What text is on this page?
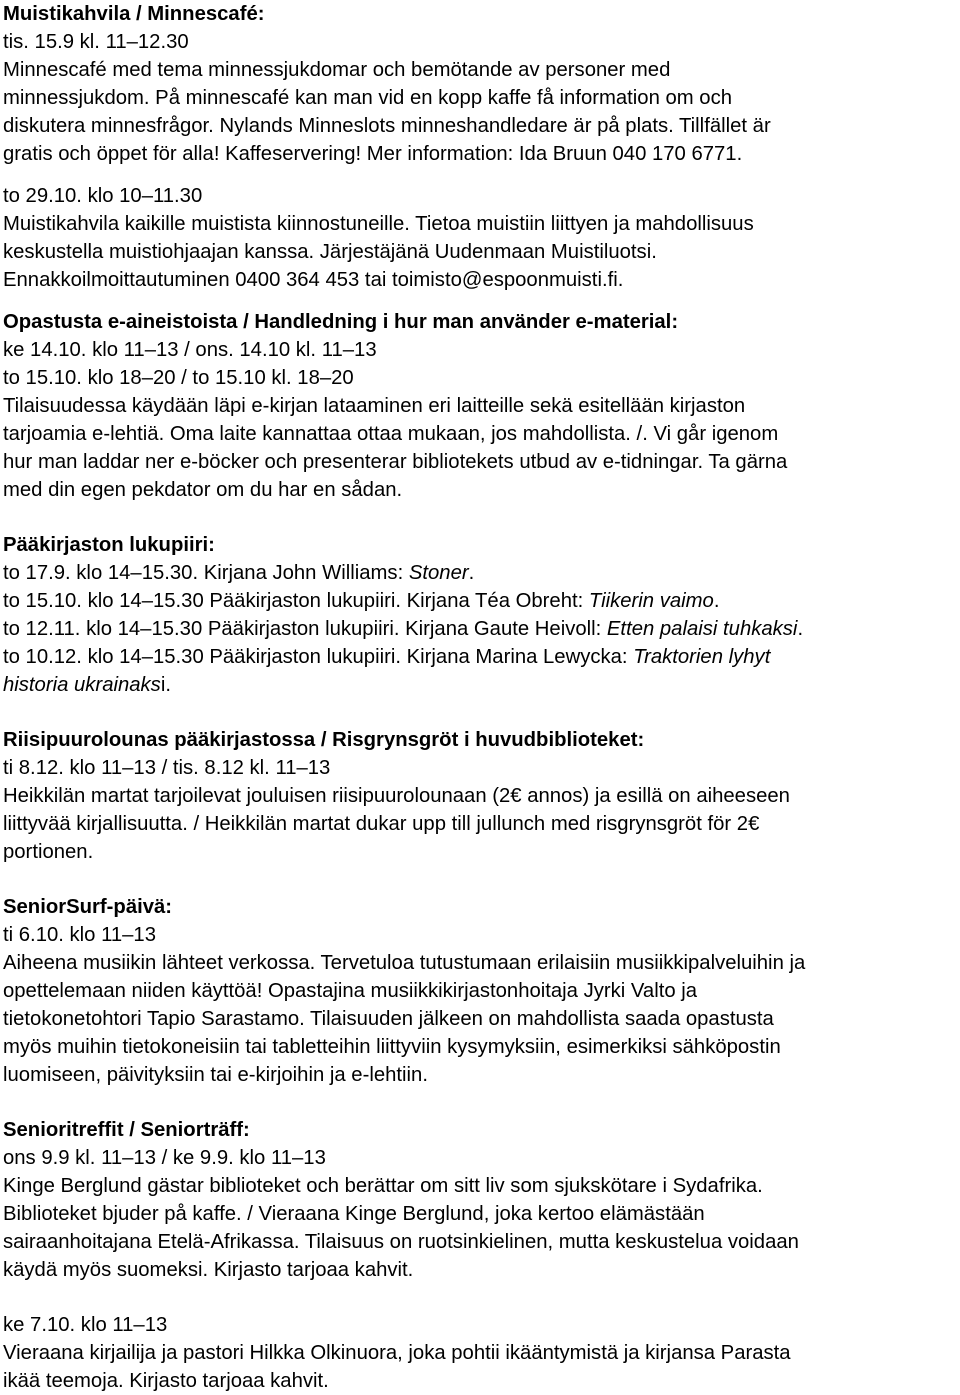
Muistikahvila / Minnescafé:

tis. 15.9 kl. 11–12.30

Minnescafé med tema minnessjukdomar och bemötande av personer med

minnessjukdom. På minnescafé kan man vid en kopp kaffe få information om och

diskutera minnesfrågor. Nylands Minneslots minneshandledare är på plats. Tillfället är

gratis och öppet för alla! Kaffeservering! Mer information: Ida Bruun 040 170 6771.

to 29.10. klo 10–11.30

Muistikahvila kaikille muistista kiinnostuneille. Tietoa muistiin liittyen ja mahdollisuus

keskustella muistiohjaajan kanssa. Järjestäjänä Uudenmaan Muistiluotsi.

Ennakkoilmoittautuminen 0400 364 453 tai toimisto@espoonmuisti.fi.

Opastusta e-aineistoista / Handledning i hur man använder e-material:

ke 14.10. klo 11–13 / ons. 14.10 kl. 11–13

to 15.10. klo 18–20 / to 15.10 kl. 18–20

Tilaisuudessa käydään läpi e-kirjan lataaminen eri laitteille sekä esitellään kirjaston

tarjoamia e-lehtiä. Oma laite kannattaa ottaa mukaan, jos mahdollista. /. Vi går igenom

hur man laddar ner e-böcker och presenterar bibliotekets utbud av e-tidningar. Ta gärna

med din egen pekdator om du har en sådan.

Pääkirjaston lukupiiri:

to 17.9. klo 14–15.30. Kirjana John Williams: Stoner.

to 15.10. klo 14–15.30 Pääkirjaston lukupiiri. Kirjana Téa Obreht: Tiikerin vaimo.

to 12.11. klo 14–15.30 Pääkirjaston lukupiiri. Kirjana Gaute Heivoll: Etten palaisi tuhkaksi.

to 10.12. klo 14–15.30 Pääkirjaston lukupiiri. Kirjana Marina Lewycka: Traktorien lyhyt

historia ukrainaksi.

Riisipuurolounas pääkirjastossa / Risgrynsgröt i huvudbiblioteket:

ti 8.12. klo 11–13 / tis. 8.12 kl. 11–13

Heikkilän martat tarjoilevat jouluisen riisipuurolounaan (2€ annos) ja esillä on aiheeseen

liittyvää kirjallisuutta. / Heikkilän martat dukar upp till jullunch med risgrynsgröt för 2€

portionen.

SeniorSurf-päivä:

ti 6.10. klo 11–13

Aiheena musiikin lähteet verkossa. Tervetuloa tutustumaan erilaisiin musiikkipalveluihin ja

opettelemaan niiden käyttöä! Opastajina musiikkikirjastonhoitaja Jyrki Valto ja

tietokonetohtori Tapio Sarastamo. Tilaisuuden jälkeen on mahdollista saada opastusta

myös muihin tietokoneisiin tai tabletteihin liittyviin kysymyksiin, esimerkiksi sähköpostin

luomiseen, päivityksiin tai e-kirjoihin ja e-lehtiin.

Senioritreffit / Seniorträff:

ons 9.9 kl. 11–13 / ke 9.9. klo 11–13

Kinge Berglund gästar biblioteket och berättar om sitt liv som sjukskötare i Sydafrika.

Biblioteket bjuder på kaffe. / Vieraana Kinge Berglund, joka kertoo elämästään

sairaanhoitajana Etelä-Afrikassa. Tilaisuus on ruotsinkielinen, mutta keskustelua voidaan

käydä myös suomeksi. Kirjasto tarjoaa kahvit.

ke 7.10. klo 11–13

Vieraana kirjailija ja pastori Hilkka Olkinuora, joka pohtii ikääntymistä ja kirjansa Parasta

ikää teemoja. Kirjasto tarjoaa kahvit.
